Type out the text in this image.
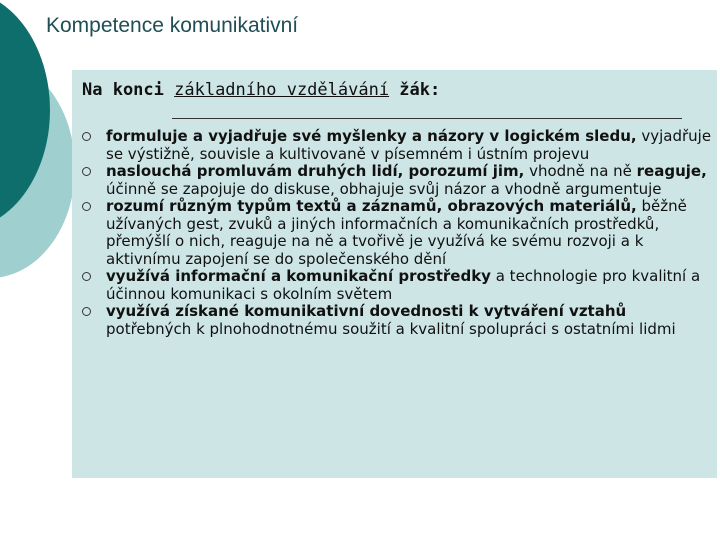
Kompetence komunikativní
Na konci základního vzdělávání žák:
formuluje a vyjadřuje své myšlenky a názory v logickém sledu, vyjadřuje se výstižně, souvisle a kultivovaně v písemném i ústním projevu
naslouchá promluvám druhých lidí, porozumí jim, vhodně na ně reaguje, účinně se zapojuje do diskuse, obhajuje svůj názor a vhodně argumentuje
rozumí různým typům textů a záznamů, obrazových materiálů, běžně užívaných gest, zvuků a jiných informačních a komunikačních prostředků, přemýšlí o nich, reaguje na ně a tvořivě je využívá ke svému rozvoji a k aktivnímu zapojení se do společenského dění
využívá informační a komunikační prostředky a technologie pro kvalitní a účinnou komunikaci s okolním světem
využívá získané komunikativní dovednosti k vytváření vztahů potřebných k plnohodnotnému soužití a kvalitní spolupráci s ostatními lidmi
